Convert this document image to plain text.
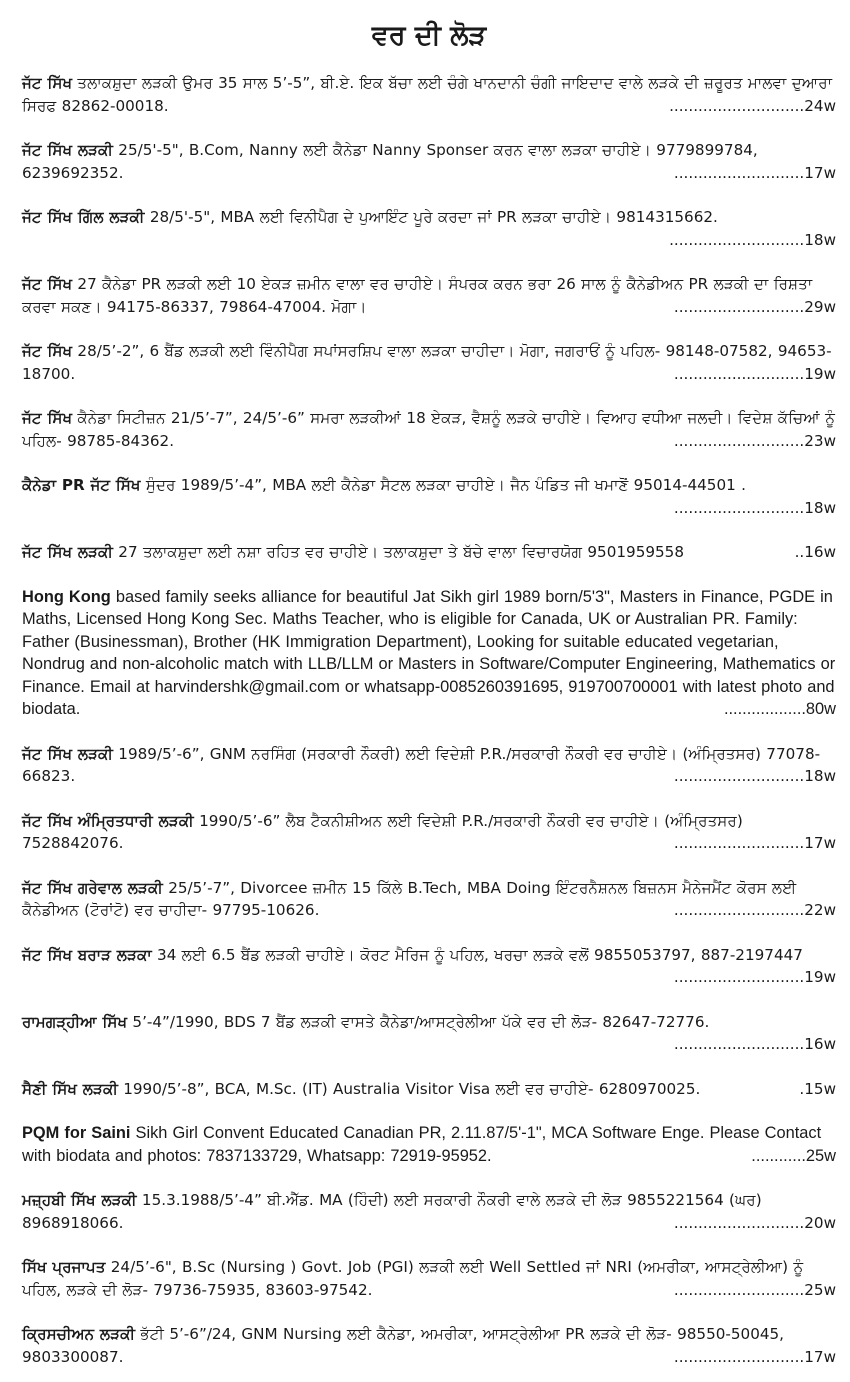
ਵਰ ਦੀ ਲੋੜ
ਜੱਟ ਸਿੱਖ ਤਲਾਕਸ਼ੁਦਾ ਲੜਕੀ ਉਮਰ 35 ਸਾਲ 5’-5”, ਬੀ.ਏ. ਇਕ ਬੱਚਾ ਲਈ ਚੰਗੇ ਖਾਨਦਾਨੀ ਚੰਗੀ ਜਾਇਦਾਦ ਵਾਲੇ ਲੜਕੇ ਦੀ ਜ਼ਰੂਰਤ ਮਾਲਵਾ ਦੁਆਰਾ ਸਿਰਫ 82862-00018.	............................24w
ਜੱਟ ਸਿੱਖ ਲੜਕੀ 25/5'-5", B.Com, Nanny ਲਈ ਕੈਨੇਡਾ Nanny Sponser ਕਰਨ ਵਾਲਾ ਲੜਕਾ ਚਾਹੀਏ। 9779899784, 6239692352.	...........................17w
ਜੱਟ ਸਿੱਖ ਗਿੱਲ ਲੜਕੀ 28/5'-5", MBA ਲਈ ਵਿਨੀਪੈਗ ਦੇ ਪੁਆਇੰਟ ਪੂਰੇ ਕਰਦਾ ਜਾਂ PR ਲੜਕਾ ਚਾਹੀਏ। 9814315662.
............................18w
ਜੱਟ ਸਿੱਖ 27 ਕੈਨੇਡਾ PR ਲੜਕੀ ਲਈ 10 ਏਕੜ ਜ਼ਮੀਨ ਵਾਲਾ ਵਰ ਚਾਹੀਏ। ਸੰਪਰਕ ਕਰਨ ਭਰਾ 26 ਸਾਲ ਨੂੰ ਕੈਨੇਡੀਅਨ PR ਲੜਕੀ ਦਾ ਰਿਸ਼ਤਾ ਕਰਵਾ ਸਕਣ। 94175-86337, 79864-47004. ਮੋਗਾ।	...........................29w
ਜੱਟ ਸਿੱਖ 28/5’-2”, 6 ਬੈਂਡ ਲੜਕੀ ਲਈ ਵਿੰਨੀਪੈਗ ਸਪਾਂਸਰਸ਼ਿਪ ਵਾਲਾ ਲੜਕਾ ਚਾਹੀਦਾ। ਮੋਗਾ, ਜਗਰਾਓਂ ਨੂੰ ਪਹਿਲ- 98148-07582, 94653-18700.	...........................19w
ਜੱਟ ਸਿੱਖ ਕੈਨੇਡਾ ਸਿਟੀਜ਼ਨ 21/5’-7”, 24/5’-6” ਸਮਰਾ ਲੜਕੀਆਂ 18 ਏਕੜ, ਵੈਸ਼ਨੂੰ ਲੜਕੇ ਚਾਹੀਏ। ਵਿਆਹ ਵਧੀਆ ਜਲਦੀ। ਵਿਦੇਸ਼ ਕੱਚਿਆਂ ਨੂੰ ਪਹਿਲ- 98785-84362.	...........................23w
ਕੈਨੇਡਾ PR ਜੱਟ ਸਿੱਖ ਸੁੰਦਰ 1989/5’-4”, MBA ਲਈ ਕੈਨੇਡਾ ਸੈਟਲ ਲੜਕਾ ਚਾਹੀਏ। ਜੈਨ ਪੰਡਿਤ ਜੀ ਖਮਾਣੋਂ 95014-44501 .
...........................18w
ਜੱਟ ਸਿੱਖ ਲੜਕੀ 27 ਤਲਾਕਸ਼ੁਦਾ ਲਈ ਨਸ਼ਾ ਰਹਿਤ ਵਰ ਚਾਹੀਏ। ਤਲਾਕਸ਼ੁਦਾ ਤੇ ਬੱਚੇ ਵਾਲਾ ਵਿਚਾਰਯੋਗ 9501959558	..16w
Hong Kong based family seeks alliance for beautiful Jat Sikh girl 1989 born/5'3", Masters in Finance, PGDE in Maths, Licensed Hong Kong Sec. Maths Teacher, who is eligible for Canada, UK or Australian PR. Family: Father (Businessman), Brother (HK Immigration Department), Looking for suitable educated vegetarian, Nondrug and non-alcoholic match with LLB/LLM or Masters in Software/Computer Engineering, Mathematics or Finance. Email at harvindershk@gmail.com or whatsapp-0085260391695, 919700700001 with latest photo and biodata.	..................80w
ਜੱਟ ਸਿੱਖ ਲੜਕੀ 1989/5’-6”, GNM ਨਰਸਿੰਗ (ਸਰਕਾਰੀ ਨੌਕਰੀ) ਲਈ ਵਿਦੇਸ਼ੀ P.R./ਸਰਕਾਰੀ ਨੌਕਰੀ ਵਰ ਚਾਹੀਏ। (ਅੰਮ੍ਰਿਤਸਰ) 77078-66823.	...........................18w
ਜੱਟ ਸਿੱਖ ਅੰਮ੍ਰਿਤਧਾਰੀ ਲੜਕੀ 1990/5’-6” ਲੈਬ ਟੈਕਨੀਸ਼ੀਅਨ ਲਈ ਵਿਦੇਸ਼ੀ P.R./ਸਰਕਾਰੀ ਨੌਕਰੀ ਵਰ ਚਾਹੀਏ। (ਅੰਮ੍ਰਿਤਸਰ) 7528842076.	...........................17w
ਜੱਟ ਸਿੱਖ ਗਰੇਵਾਲ ਲੜਕੀ 25/5’-7”, Divorcee ਜ਼ਮੀਨ 15 ਕਿੱਲੇ B.Tech, MBA Doing ਇੰਟਰਨੈਸ਼ਨਲ ਬਿਜ਼ਨਸ ਮੈਨੇਜਮੈਂਟ ਕੋਰਸ ਲਈ ਕੈਨੇਡੀਅਨ (ਟੋਰਾਂਟੋ) ਵਰ ਚਾਹੀਦਾ- 97795-10626.	...........................22w
ਜੱਟ ਸਿੱਖ ਬਰਾੜ ਲੜਕਾ 34 ਲਈ 6.5 ਬੈਂਡ ਲੜਕੀ ਚਾਹੀਏ। ਕੋਰਟ ਮੈਰਿਜ ਨੂੰ ਪਹਿਲ, ਖਰਚਾ ਲੜਕੇ ਵਲੋਂ 9855053797, 887-2197447
...........................19w
ਰਾਮਗੜ੍ਹੀਆ ਸਿੱਖ 5’-4”/1990, BDS 7 ਬੈਂਡ ਲੜਕੀ ਵਾਸਤੇ ਕੈਨੇਡਾ/ਆਸਟ੍ਰੇਲੀਆ ਪੱਕੇ ਵਰ ਦੀ ਲੋੜ- 82647-72776.
...........................16w
ਸੈਣੀ ਸਿੱਖ ਲੜਕੀ 1990/5’-8”, BCA, M.Sc. (IT) Australia Visitor Visa ਲਈ ਵਰ ਚਾਹੀਏ- 6280970025.	.15w
PQM for Saini Sikh Girl Convent Educated Canadian PR, 2.11.87/5'-1", MCA Software Enge. Please Contact with biodata and photos: 7837133729, Whatsapp: 72919-95952.	............25w
ਮਜ਼੍ਹਬੀ ਸਿੱਖ ਲੜਕੀ 15.3.1988/5’-4” ਬੀ.ਐੱਡ. MA (ਹਿੰਦੀ) ਲਈ ਸਰਕਾਰੀ ਨੌਕਰੀ ਵਾਲੇ ਲੜਕੇ ਦੀ ਲੋੜ 9855221564 (ਘਰ) 8968918066.	...........................20w
ਸਿੱਖ ਪ੍ਰਜਾਪਤ 24/5’-6", B.Sc (Nursing ) Govt. Job (PGI) ਲੜਕੀ ਲਈ Well Settled ਜਾਂ NRI (ਅਮਰੀਕਾ, ਆਸਟ੍ਰੇਲੀਆ) ਨੂੰ ਪਹਿਲ, ਲੜਕੇ ਦੀ ਲੋੜ- 79736-75935, 83603-97542.	...........................25w
ਕ੍ਰਿਸਚੀਅਨ ਲੜਕੀ ਭੱਟੀ 5’-6”/24, GNM Nursing ਲਈ ਕੈਨੇਡਾ, ਅਮਰੀਕਾ, ਆਸਟ੍ਰੇਲੀਆ PR ਲੜਕੇ ਦੀ ਲੋੜ- 98550-50045, 9803300087.	...........................17w
